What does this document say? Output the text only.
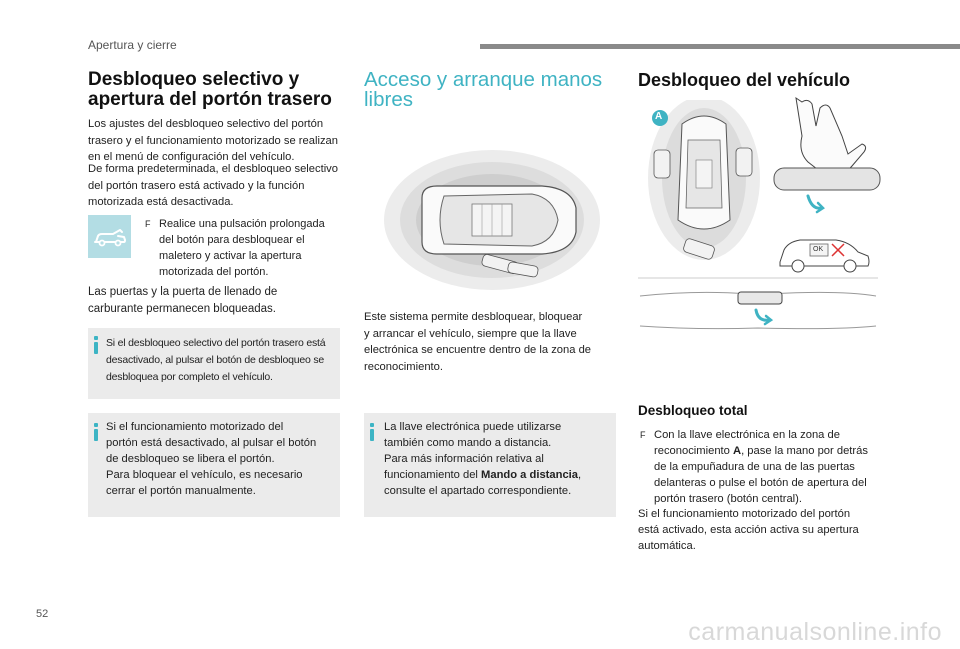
Apertura y cierre
52
carmanualsonline.info
Desbloqueo selectivo y
apertura del portón trasero
Los ajustes del desbloqueo selectivo del portón
trasero y el funcionamiento motorizado se realizan
en el menú de configuración del vehículo.
De forma predeterminada, el desbloqueo selectivo
del portón trasero está activado y la función
motorizada está desactivada.
F Realice una pulsación prolongada
del botón para desbloquear el
maletero y activar la apertura
motorizada del portón.
Las puertas y la puerta de llenado de
carburante permanecen bloqueadas.
Si el desbloqueo selectivo del portón trasero está
desactivado, al pulsar el botón de desbloqueo se
desbloquea por completo el vehículo.
Si el funcionamiento motorizado del
portón está desactivado, al pulsar el botón
de desbloqueo se libera el portón.
Para bloquear el vehículo, es necesario
cerrar el portón manualmente.
Acceso y arranque manos
libres
Este sistema permite desbloquear, bloquear
y arrancar el vehículo, siempre que la llave
electrónica se encuentre dentro de la zona de
reconocimiento.
La llave electrónica puede utilizarse
también como mando a distancia.
Para más información relativa al
funcionamiento del Mando a distancia,
consulte el apartado correspondiente.
Desbloqueo del vehículo
A
OK
Desbloqueo total
F Con la llave electrónica en la zona de
reconocimiento A, pase la mano por detrás
de la empuñadura de una de las puertas
delanteras o pulse el botón de apertura del
portón trasero (botón central).
Si el funcionamiento motorizado del portón
está activado, esta acción activa su apertura
automática.
